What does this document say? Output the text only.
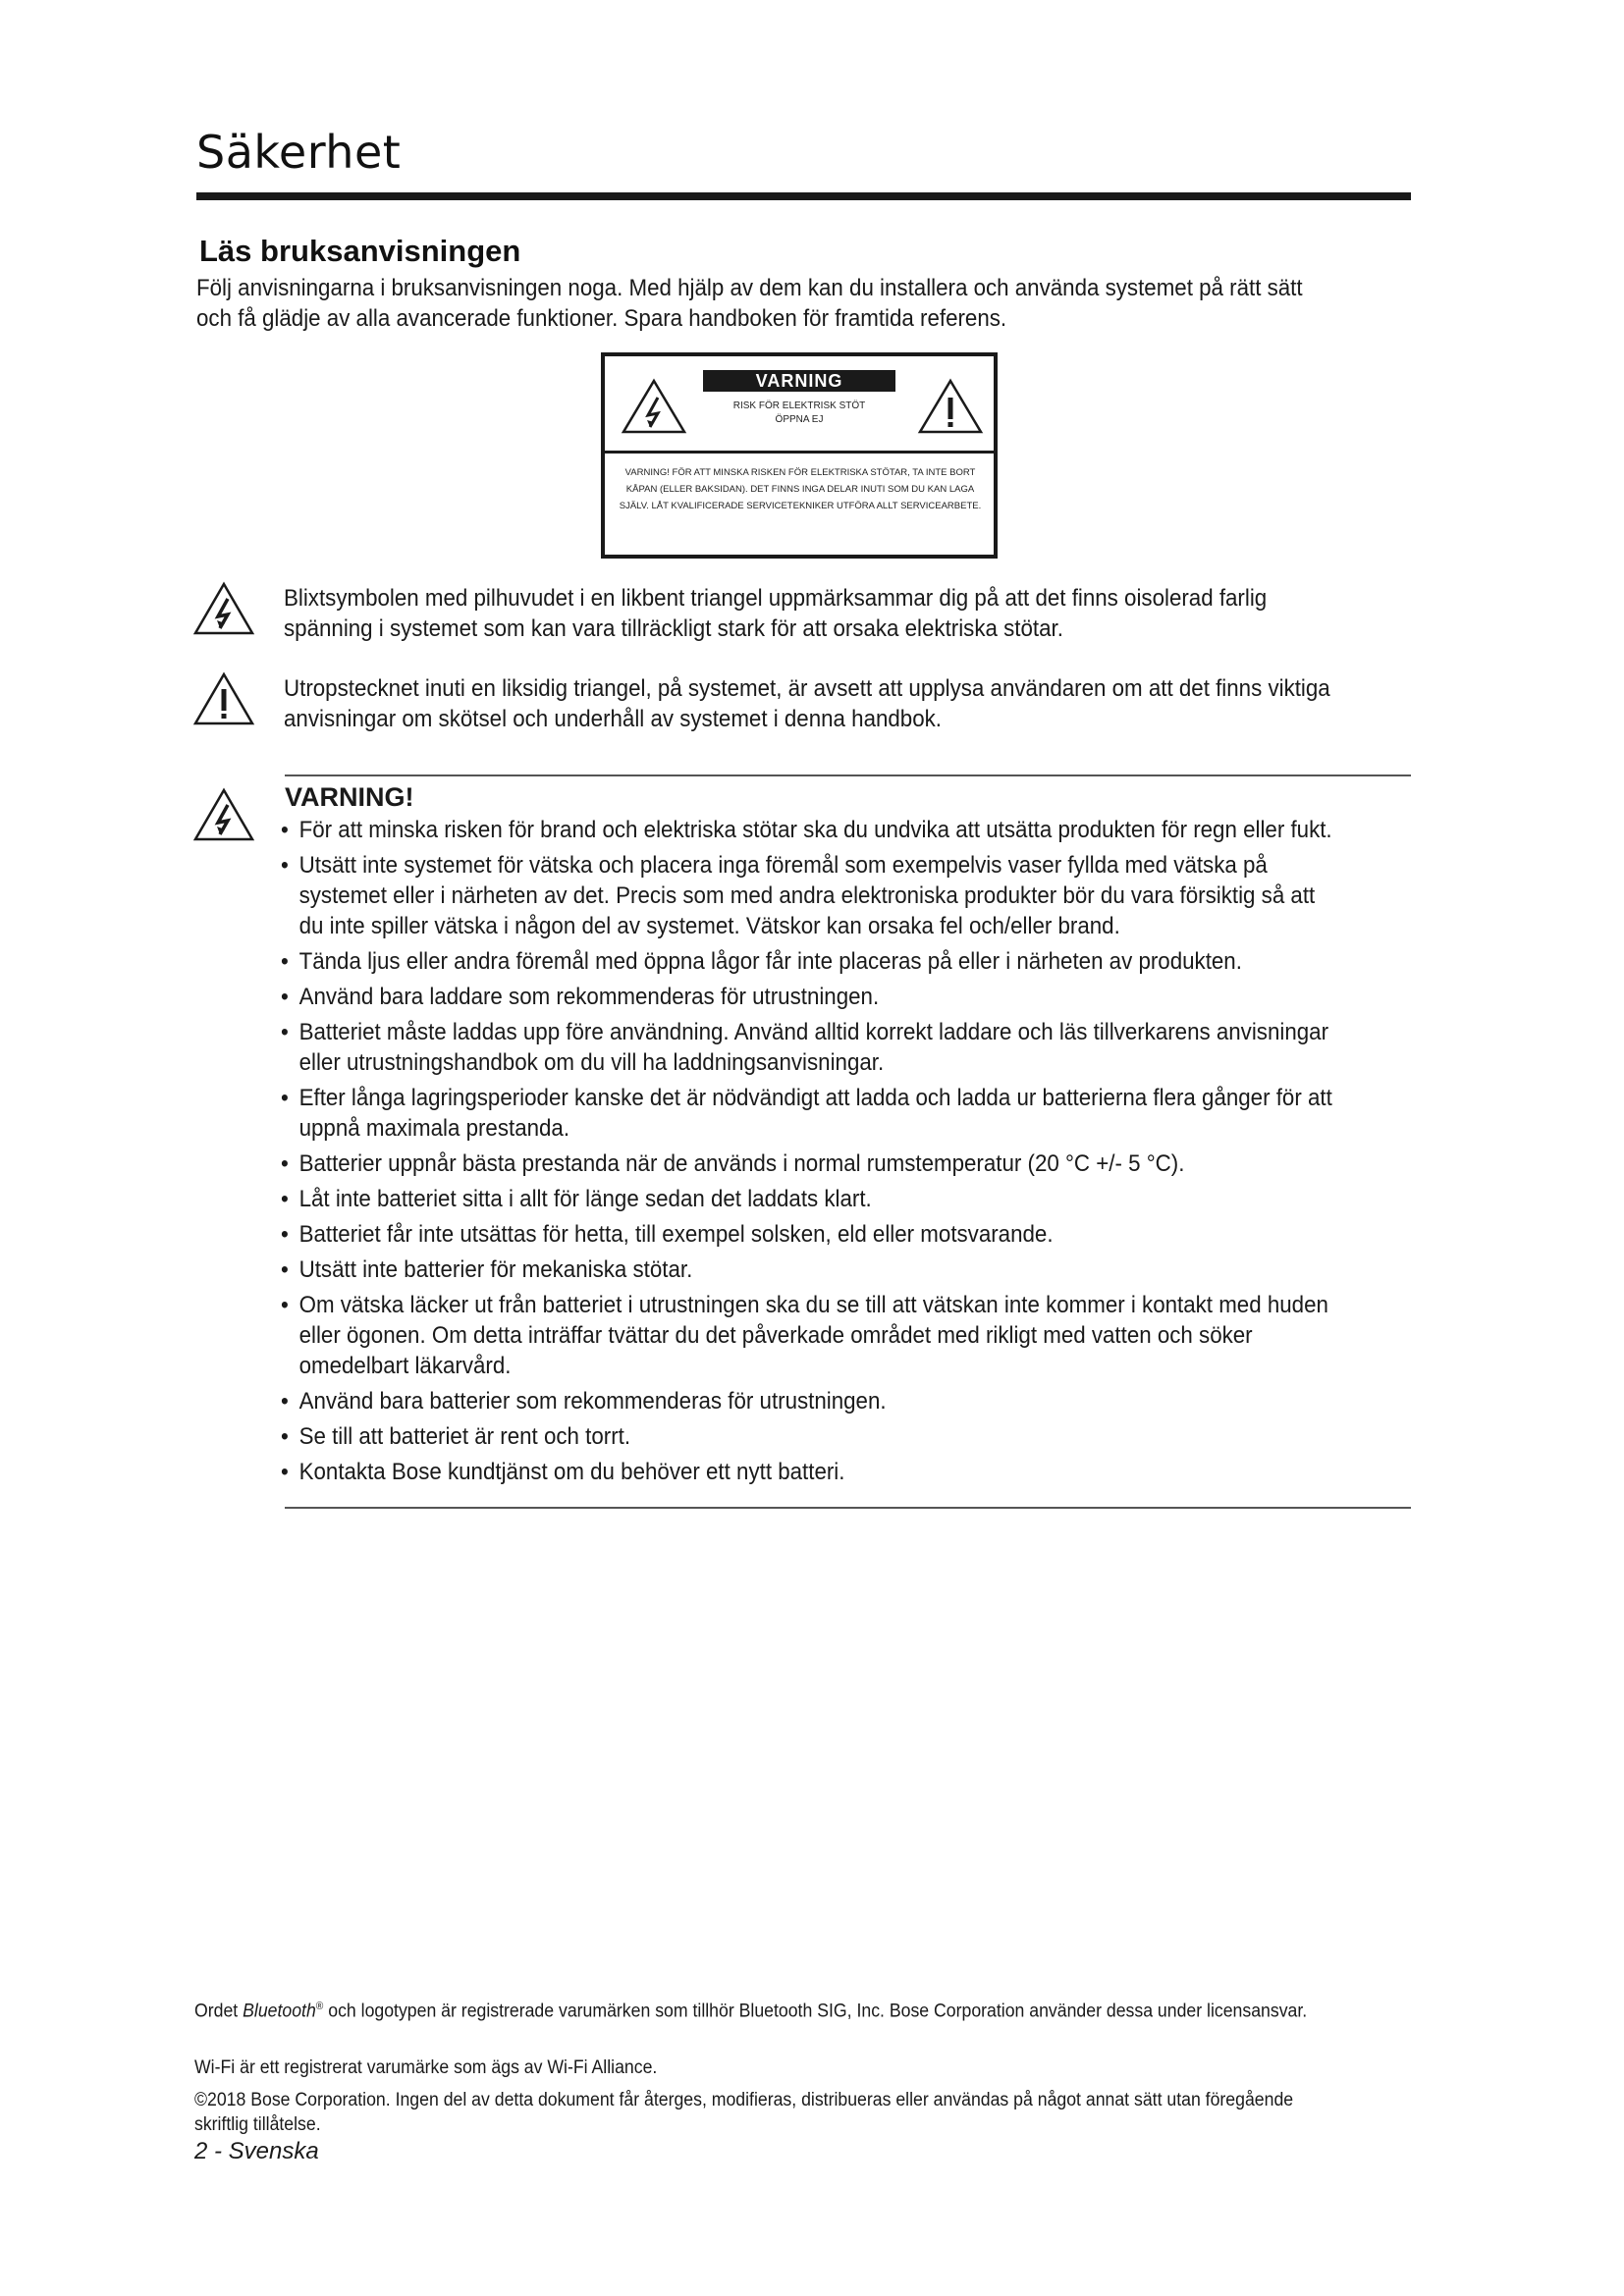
Säkerhet
Läs bruksanvisningen
Följ anvisningarna i bruksanvisningen noga. Med hjälp av dem kan du installera och använda systemet på rätt sätt och få glädje av alla avancerade funktioner. Spara handboken för framtida referens.
VARNING
RISK FÖR ELEKTRISK STÖT
ÖPPNA EJ
VARNING! FÖR ATT MINSKA RISKEN FÖR ELEKTRISKA STÖTAR, TA INTE BORT KÅPAN (ELLER BAKSIDAN). DET FINNS INGA DELAR INUTI SOM DU KAN LAGA SJÄLV. LÅT KVALIFICERADE SERVICETEKNIKER UTFÖRA ALLT SERVICEARBETE.
Blixtsymbolen med pilhuvudet i en likbent triangel uppmärksammar dig på att det finns oisolerad farlig spänning i systemet som kan vara tillräckligt stark för att orsaka elektriska stötar.
Utropstecknet inuti en liksidig triangel, på systemet, är avsett att upplysa användaren om att det finns viktiga anvisningar om skötsel och underhåll av systemet i denna handbok.
VARNING!
• För att minska risken för brand och elektriska stötar ska du undvika att utsätta produkten för regn eller fukt.
• Utsätt inte systemet för vätska och placera inga föremål som exempelvis vaser fyllda med vätska på systemet eller i närheten av det. Precis som med andra elektroniska produkter bör du vara försiktig så att du inte spiller vätska i någon del av systemet. Vätskor kan orsaka fel och/eller brand.
• Tända ljus eller andra föremål med öppna lågor får inte placeras på eller i närheten av produkten.
• Använd bara laddare som rekommenderas för utrustningen.
• Batteriet måste laddas upp före användning. Använd alltid korrekt laddare och läs tillverkarens anvisningar eller utrustningshandbok om du vill ha laddningsanvisningar.
• Efter långa lagringsperioder kanske det är nödvändigt att ladda och ladda ur batterierna flera gånger för att uppnå maximala prestanda.
• Batterier uppnår bästa prestanda när de används i normal rumstemperatur (20 °C +/- 5 °C).
• Låt inte batteriet sitta i allt för länge sedan det laddats klart.
• Batteriet får inte utsättas för hetta, till exempel solsken, eld eller motsvarande.
• Utsätt inte batterier för mekaniska stötar.
• Om vätska läcker ut från batteriet i utrustningen ska du se till att vätskan inte kommer i kontakt med huden eller ögonen. Om detta inträffar tvättar du det påverkade området med rikligt med vatten och söker omedelbart läkarvård.
• Använd bara batterier som rekommenderas för utrustningen.
• Se till att batteriet är rent och torrt.
• Kontakta Bose kundtjänst om du behöver ett nytt batteri.
Ordet Bluetooth® och logotypen är registrerade varumärken som tillhör Bluetooth SIG, Inc. Bose Corporation använder dessa under licensansvar.
Wi-Fi är ett registrerat varumärke som ägs av Wi-Fi Alliance.
©2018 Bose Corporation. Ingen del av detta dokument får återges, modifieras, distribueras eller användas på något annat sätt utan föregående skriftlig tillåtelse.
2 - Svenska
